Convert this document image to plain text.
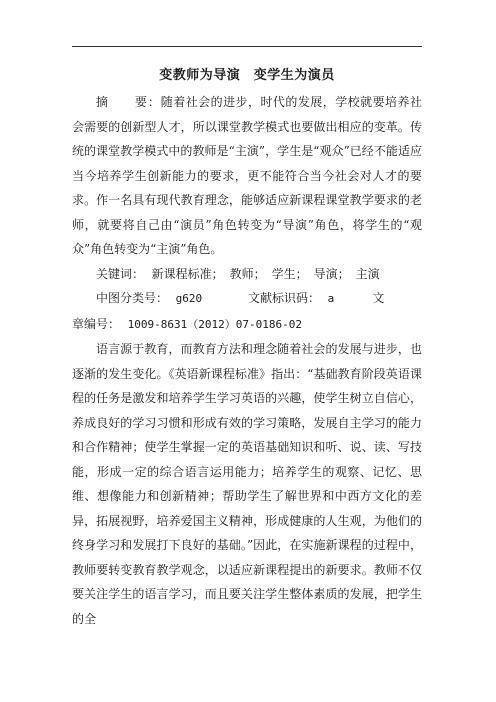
变教师为导演　变学生为演员

摘　　要：随着社会的进步，时代的发展，学校就要培养社会需要的创新型人才，所以课堂教学模式也要做出相应的变革。传统的课堂教学模式中的教师是“主演”，学生是“观众”已经不能适应当今培养学生创新能力的要求，更不能符合当今社会对人才的要求。作一名具有现代教育理念，能够适应新课程课堂教学要求的老师，就要将自己由“演员”角色转变为“导演”角色，将学生的“观众”角色转变为“主演”角色。

关键词： 新课程标准；　教师；　学生；　导演；　主演

中图分类号： g620	文献标识码： a	文

章编号： 1009-8631（2012）07-0186-02

语言源于教育，而教育方法和理念随着社会的发展与进步，也逐渐的发生变化。《英语新课程标准》指出：“基础教育阶段英语课程的任务是激发和培养学生学习英语的兴趣，使学生树立自信心，养成良好的学习习惯和形成有效的学习策略，发展自主学习的能力和合作精神；使学生掌握一定的英语基础知识和听、说、读、写技能，形成一定的综合语言运用能力；培养学生的观察、记忆、思维、想像能力和创新精神；帮助学生了解世界和中西方文化的差异，拓展视野，培养爱国主义精神，形成健康的人生观，为他们的终身学习和发展打下良好的基础。”因此，在实施新课程的过程中，教师要转变教育教学观念，以适应新课程提出的新要求。教师不仅要关注学生的语言学习，而且要关注学生整体素质的发展，把学生的全
